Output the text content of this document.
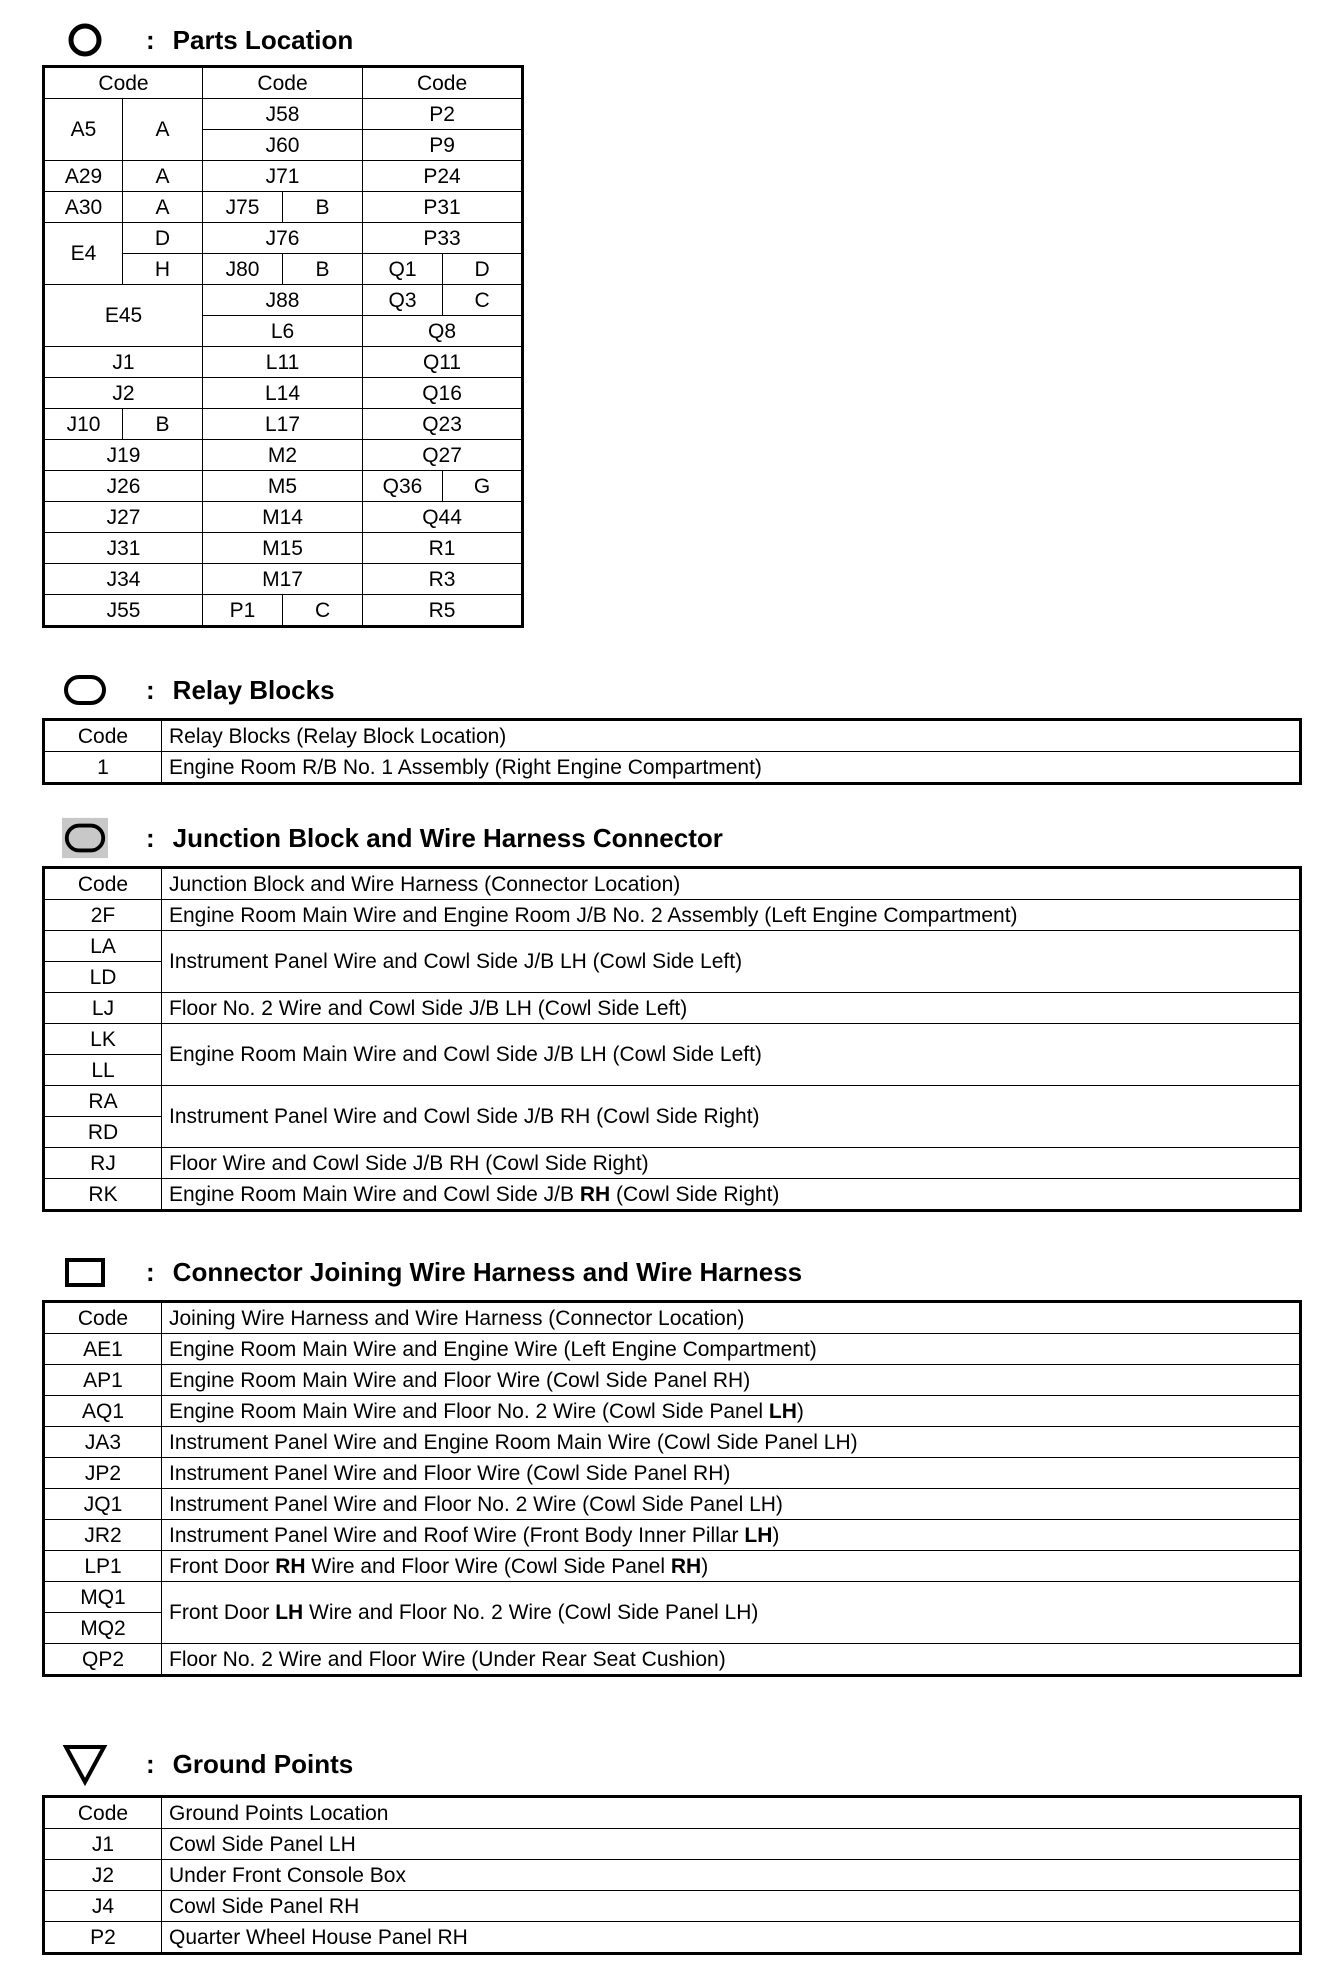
: Parts Location
Code		Code		Code	
A5	A	J58		P2	
		J60		P9	
A29	A	J71		P24	
A30	A	J75	B	P31	
E4	D	J76		P33	
	H	J80	B	Q1	D
E45		J88		Q3	C
		L6		Q8	
J1		L11		Q11	
J2		L14		Q16	
J10	B	L17		Q23	
J19		M2		Q27	
J26		M5		Q36	G
J27		M14		Q44	
J31		M15		R1	
J34		M17		R3	
J55		P1	C	R5	
: Relay Blocks
Code	Relay Blocks (Relay Block Location)
1	Engine Room R/B No. 1 Assembly (Right Engine Compartment)
: Junction Block and Wire Harness Connector
Code	Junction Block and Wire Harness (Connector Location)
2F	Engine Room Main Wire and Engine Room J/B No. 2 Assembly (Left Engine Compartment)
LA	Instrument Panel Wire and Cowl Side J/B LH (Cowl Side Left)
LD	
LJ	Floor No. 2 Wire and Cowl Side J/B LH (Cowl Side Left)
LK	Engine Room Main Wire and Cowl Side J/B LH (Cowl Side Left)
LL	
RA	Instrument Panel Wire and Cowl Side J/B RH (Cowl Side Right)
RD	
RJ	Floor Wire and Cowl Side J/B RH (Cowl Side Right)
RK	Engine Room Main Wire and Cowl Side J/B RH (Cowl Side Right)
: Connector Joining Wire Harness and Wire Harness
Code	Joining Wire Harness and Wire Harness (Connector Location)
AE1	Engine Room Main Wire and Engine Wire (Left Engine Compartment)
AP1	Engine Room Main Wire and Floor Wire (Cowl Side Panel RH)
AQ1	Engine Room Main Wire and Floor No. 2 Wire (Cowl Side Panel LH)
JA3	Instrument Panel Wire and Engine Room Main Wire (Cowl Side Panel LH)
JP2	Instrument Panel Wire and Floor Wire (Cowl Side Panel RH)
JQ1	Instrument Panel Wire and Floor No. 2 Wire (Cowl Side Panel LH)
JR2	Instrument Panel Wire and Roof Wire (Front Body Inner Pillar LH)
LP1	Front Door RH Wire and Floor Wire (Cowl Side Panel RH)
MQ1	Front Door LH Wire and Floor No. 2 Wire (Cowl Side Panel LH)
MQ2	
QP2	Floor No. 2 Wire and Floor Wire (Under Rear Seat Cushion)
: Ground Points
Code	Ground Points Location
J1	Cowl Side Panel LH
J2	Under Front Console Box
J4	Cowl Side Panel RH
P2	Quarter Wheel House Panel RH
